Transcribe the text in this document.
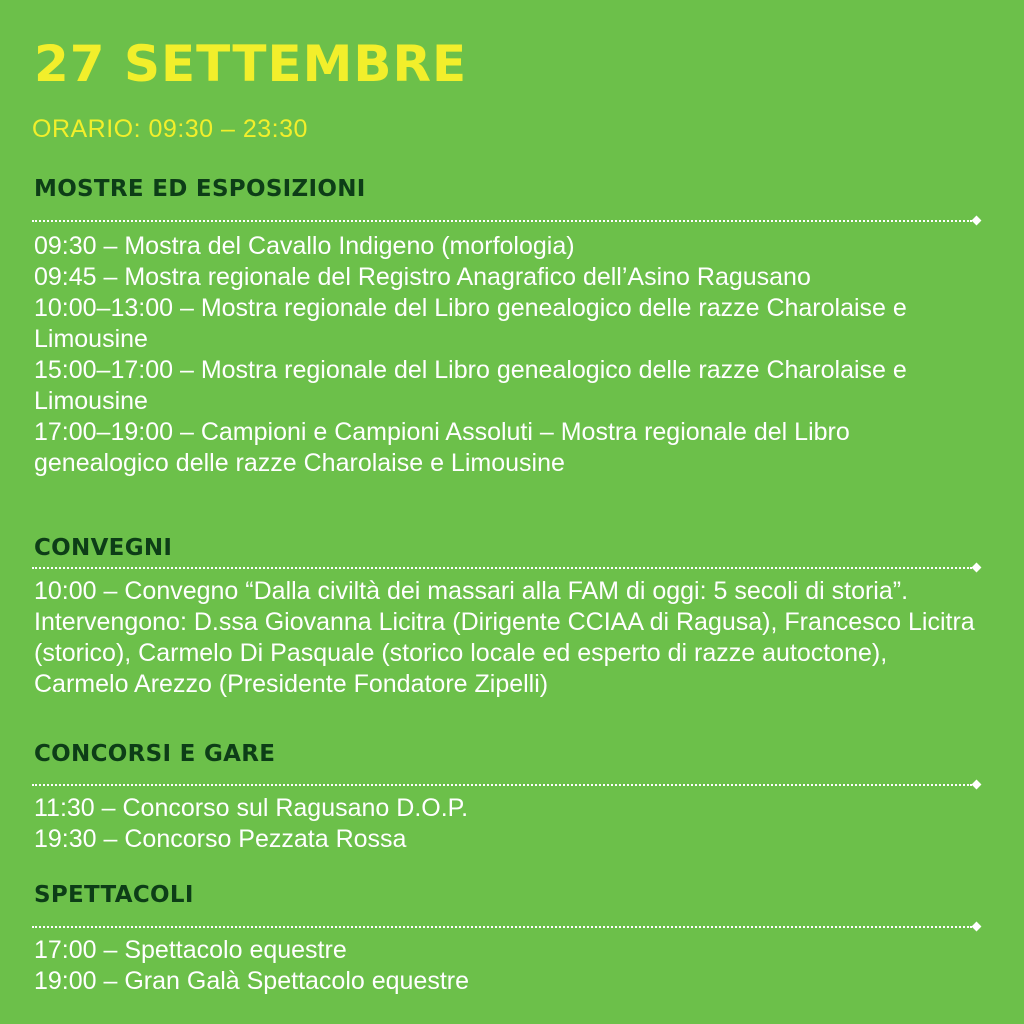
27 SETTEMBRE
ORARIO: 09:30 – 23:30
MOSTRE ED ESPOSIZIONI
09:30 – Mostra del Cavallo Indigeno (morfologia)
09:45 – Mostra regionale del Registro Anagrafico dell’Asino Ragusano
10:00–13:00 – Mostra regionale del Libro genealogico delle razze Charolaise e Limousine
15:00–17:00 – Mostra regionale del Libro genealogico delle razze Charolaise e Limousine
17:00–19:00 – Campioni e Campioni Assoluti – Mostra regionale del Libro genealogico delle razze Charolaise e Limousine
CONVEGNI
10:00 – Convegno “Dalla civiltà dei massari alla FAM di oggi: 5 secoli di storia”. Intervengono: D.ssa Giovanna Licitra (Dirigente CCIAA di Ragusa), Francesco Licitra (storico), Carmelo Di Pasquale (storico locale ed esperto di razze autoctone), Carmelo Arezzo (Presidente Fondatore Zipelli)
CONCORSI E GARE
11:30 – Concorso sul Ragusano D.O.P.
19:30 – Concorso Pezzata Rossa
SPETTACOLI
17:00 – Spettacolo equestre
19:00 – Gran Galà Spettacolo equestre
